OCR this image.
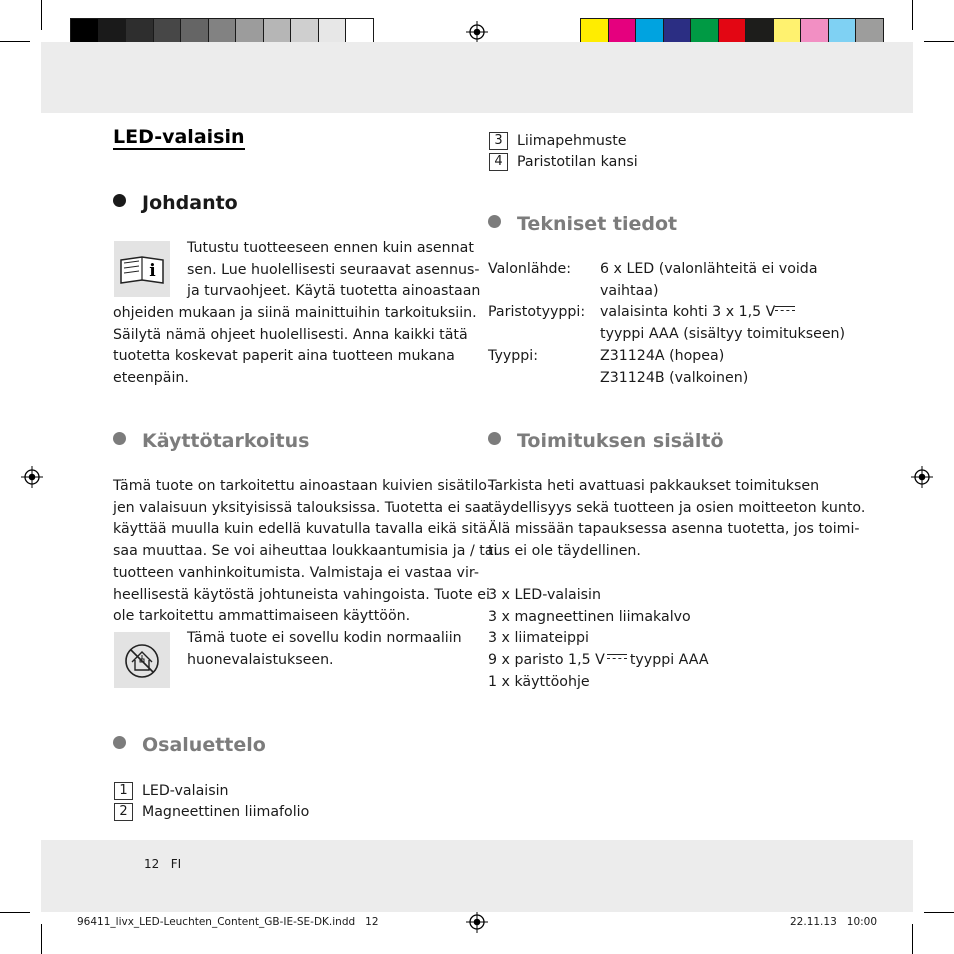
LED-valaisin
Johdanto
i
Tutustu tuotteeseen ennen kuin asennat
sen. Lue huolellisesti seuraavat asennus-
ja turvaohjeet. Käytä tuotetta ainoastaan
ohjeiden mukaan ja siinä mainittuihin tarkoituksiin.
Säilytä nämä ohjeet huolellisesti. Anna kaikki tätä
tuotetta koskevat paperit aina tuotteen mukana
eteenpäin.
Käyttötarkoitus
Tämä tuote on tarkoitettu ainoastaan kuivien sisätilo-
jen valaisuun yksityisissä talouksissa. Tuotetta ei saa
käyttää muulla kuin edellä kuvatulla tavalla eikä sitä
saa muuttaa. Se voi aiheuttaa loukkaantumisia ja / tai
tuotteen vanhinkoitumista. Valmistaja ei vastaa vir-
heellisestä käytöstä johtuneista vahingoista. Tuote ei
ole tarkoitettu ammattimaiseen käyttöön.
Tämä tuote ei sovellu kodin normaaliin
huonevalaistukseen.
Osaluettelo
1	LED-valaisin
2	Magneettinen liimafolio
3	Liimapehmuste
4	Paristotilan kansi
Tekniset tiedot
Valonlähde:	6 x LED (valonlähteitä ei voida
vaihtaa)
Paristotyyppi:	valaisinta kohti 3 x 1,5 V
tyyppi AAA (sisältyy toimitukseen)
Tyyppi:	Z31124A (hopea)
Z31124B (valkoinen)
Toimituksen sisältö
Tarkista heti avattuasi pakkaukset toimituksen
täydellisyys sekä tuotteen ja osien moitteeton kunto.
Älä missään tapauksessa asenna tuotetta, jos toimi-
tus ei ole täydellinen.
3 x LED-valaisin
3 x magneettinen liimakalvo
3 x liimateippi
9 x paristo 1,5 V tyyppi AAA
1 x käyttöohje
12 FI
96411_livx_LED-Leuchten_Content_GB-IE-SE-DK.indd   12	22.11.13   10:00
